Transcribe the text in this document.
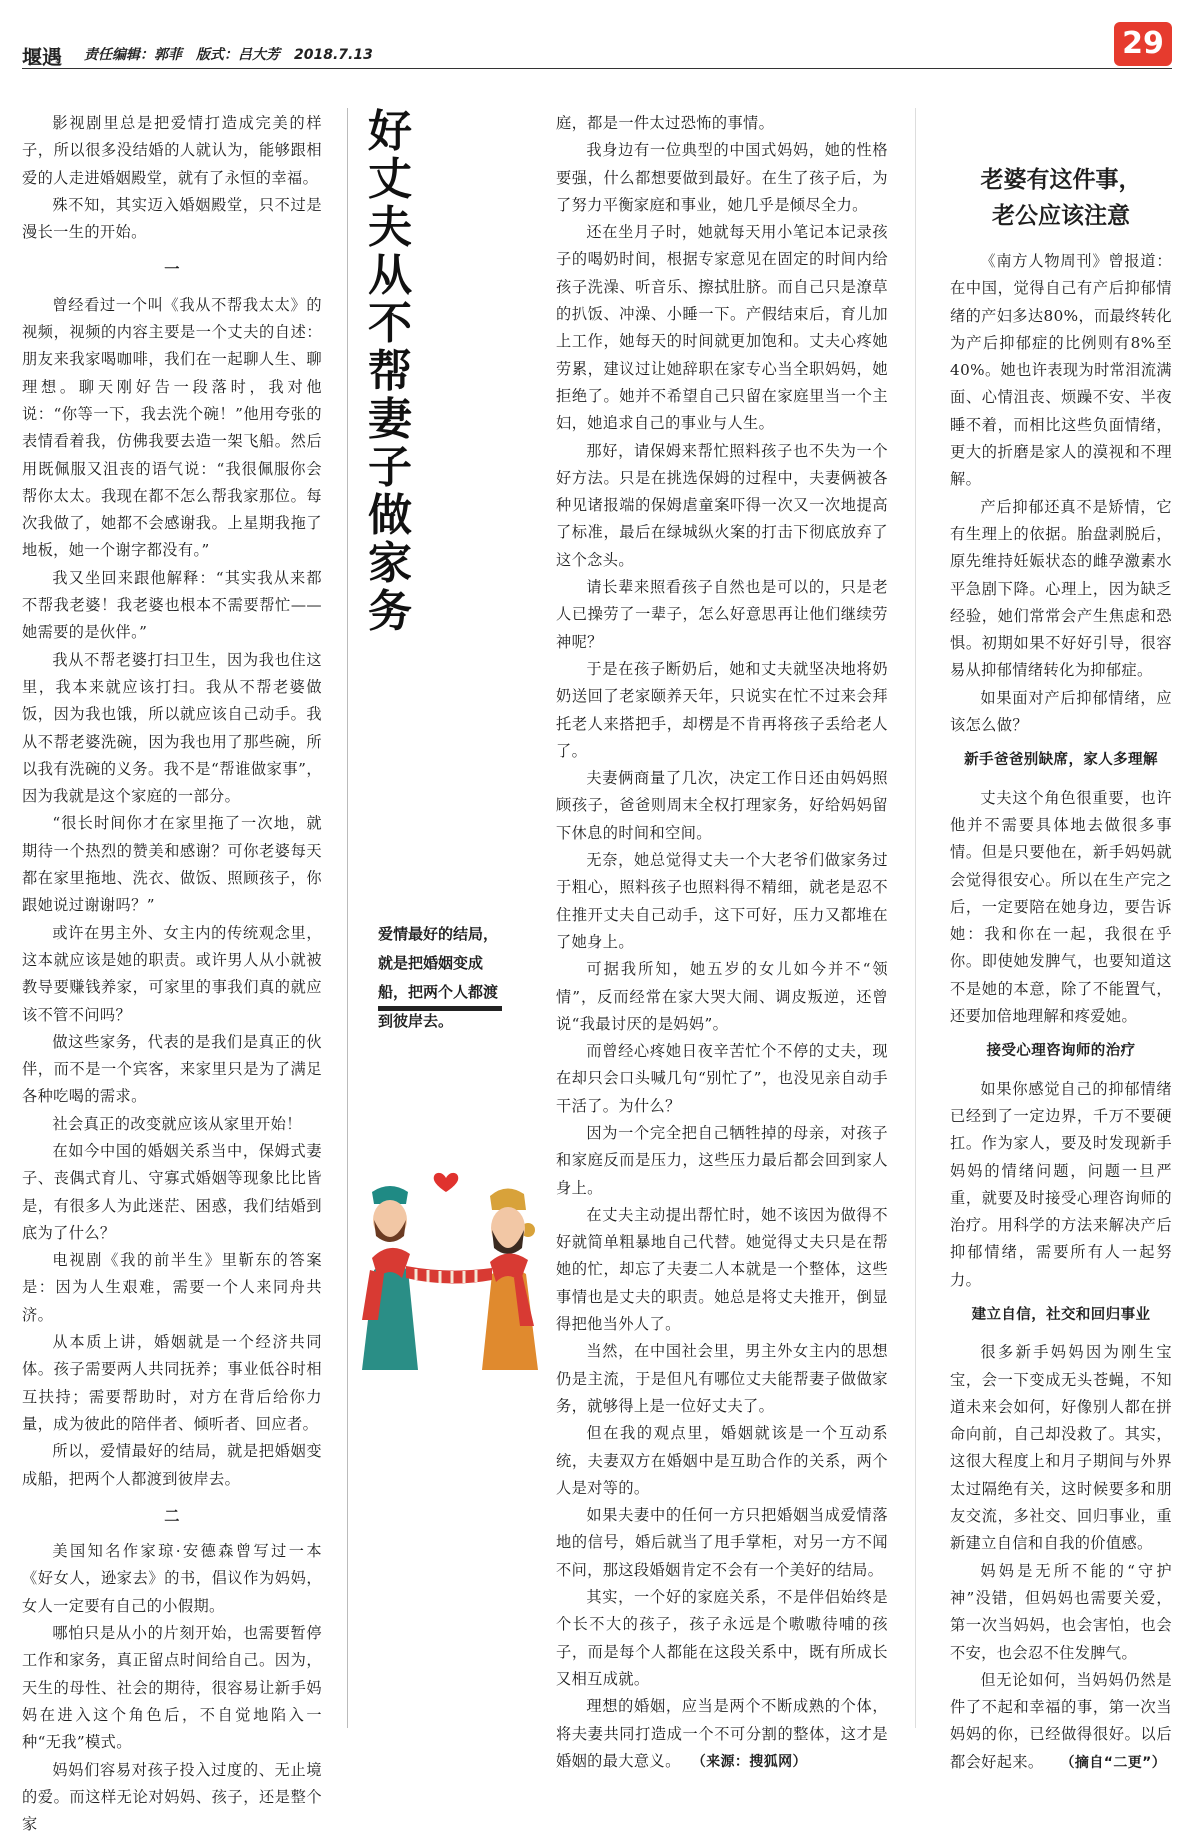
堰遇 责任编辑：郭菲　版式：吕大芳　2018.7.13	29

影视剧里总是把爱情打造成完美的样子，所以很多没结婚的人就认为，能够跟相爱的人走进婚姻殿堂，就有了永恒的幸福。

殊不知，其实迈入婚姻殿堂，只不过是漫长一生的开始。

一

曾经看过一个叫《我从不帮我太太》的视频，视频的内容主要是一个丈夫的自述：朋友来我家喝咖啡，我们在一起聊人生、聊理想。聊天刚好告一段落时，我对他说：“你等一下，我去洗个碗！”他用夸张的表情看着我，仿佛我要去造一架飞船。然后用既佩服又沮丧的语气说：“我很佩服你会帮你太太。我现在都不怎么帮我家那位。每次我做了，她都不会感谢我。上星期我拖了地板，她一个谢字都没有。”

我又坐回来跟他解释：“其实我从来都不帮我老婆！我老婆也根本不需要帮忙——她需要的是伙伴。”

我从不帮老婆打扫卫生，因为我也住这里，我本来就应该打扫。我从不帮老婆做饭，因为我也饿，所以就应该自己动手。我从不帮老婆洗碗，因为我也用了那些碗，所以我有洗碗的义务。我不是“帮谁做家事”，因为我就是这个家庭的一部分。

“很长时间你才在家里拖了一次地，就期待一个热烈的赞美和感谢？可你老婆每天都在家里拖地、洗衣、做饭、照顾孩子，你跟她说过谢谢吗？”

或许在男主外、女主内的传统观念里，这本就应该是她的职责。或许男人从小就被教导要赚钱养家，可家里的事我们真的就应该不管不问吗？

做这些家务，代表的是我们是真正的伙伴，而不是一个宾客，来家里只是为了满足各种吃喝的需求。

社会真正的改变就应该从家里开始！

在如今中国的婚姻关系当中，保姆式妻子、丧偶式育儿、守寡式婚姻等现象比比皆是，有很多人为此迷茫、困惑，我们结婚到底为了什么？

电视剧《我的前半生》里靳东的答案是：因为人生艰难，需要一个人来同舟共济。

从本质上讲，婚姻就是一个经济共同体。孩子需要两人共同抚养；事业低谷时相互扶持；需要帮助时，对方在背后给你力量，成为彼此的陪伴者、倾听者、回应者。

所以，爱情最好的结局，就是把婚姻变成船，把两个人都渡到彼岸去。

二

美国知名作家琼·安德森曾写过一本《好女人，逊家去》的书，倡议作为妈妈，女人一定要有自己的小假期。

哪怕只是从小的片刻开始，也需要暂停工作和家务，真正留点时间给自己。因为，天生的母性、社会的期待，很容易让新手妈妈在进入这个角色后，不自觉地陷入一种“无我”模式。

妈妈们容易对孩子投入过度的、无止境的爱。而这样无论对妈妈、孩子，还是整个家

好丈夫从不帮妻子做家务
爱情最好的结局，就是把婚姻变成船，把两个人都渡到彼岸去。

庭，都是一件太过恐怖的事情。

我身边有一位典型的中国式妈妈，她的性格要强，什么都想要做到最好。在生了孩子后，为了努力平衡家庭和事业，她几乎是倾尽全力。

还在坐月子时，她就每天用小笔记本记录孩子的喝奶时间，根据专家意见在固定的时间内给孩子洗澡、听音乐、擦拭肚脐。而自己只是潦草的扒饭、冲澡、小睡一下。产假结束后，育儿加上工作，她每天的时间就更加饱和。丈夫心疼她劳累，建议过让她辞职在家专心当全职妈妈，她拒绝了。她并不希望自己只留在家庭里当一个主妇，她追求自己的事业与人生。

那好，请保姆来帮忙照料孩子也不失为一个好方法。只是在挑选保姆的过程中，夫妻俩被各种见诸报端的保姆虐童案吓得一次又一次地提高了标准，最后在绿城纵火案的打击下彻底放弃了这个念头。

请长辈来照看孩子自然也是可以的，只是老人已操劳了一辈子，怎么好意思再让他们继续劳神呢？

于是在孩子断奶后，她和丈夫就坚决地将奶奶送回了老家颐养天年，只说实在忙不过来会拜托老人来搭把手，却楞是不肯再将孩子丢给老人了。

夫妻俩商量了几次，决定工作日还由妈妈照顾孩子，爸爸则周末全权打理家务，好给妈妈留下休息的时间和空间。

无奈，她总觉得丈夫一个大老爷们做家务过于粗心，照料孩子也照料得不精细，就老是忍不住推开丈夫自己动手，这下可好，压力又都堆在了她身上。

可据我所知，她五岁的女儿如今并不“领情”，反而经常在家大哭大闹、调皮叛逆，还曾说“我最讨厌的是妈妈”。

而曾经心疼她日夜辛苦忙个不停的丈夫，现在却只会口头喊几句“别忙了”，也没见亲自动手干活了。为什么？

因为一个完全把自己牺牲掉的母亲，对孩子和家庭反而是压力，这些压力最后都会回到家人身上。

在丈夫主动提出帮忙时，她不该因为做得不好就简单粗暴地自己代替。她觉得丈夫只是在帮她的忙，却忘了夫妻二人本就是一个整体，这些事情也是丈夫的职责。她总是将丈夫推开，倒显得把他当外人了。

当然，在中国社会里，男主外女主内的思想仍是主流，于是但凡有哪位丈夫能帮妻子做做家务，就够得上是一位好丈夫了。

但在我的观点里，婚姻就该是一个互动系统，夫妻双方在婚姻中是互助合作的关系，两个人是对等的。

如果夫妻中的任何一方只把婚姻当成爱情落地的信号，婚后就当了甩手掌柜，对另一方不闻不问，那这段婚姻肯定不会有一个美好的结局。

其实，一个好的家庭关系，不是伴侣始终是个长不大的孩子，孩子永远是个嗷嗷待哺的孩子，而是每个人都能在这段关系中，既有所成长又相互成就。

理想的婚姻，应当是两个不断成熟的个体，将夫妻共同打造成一个不可分割的整体，这才是婚姻的最大意义。 （来源：搜狐网）

老婆有这件事，
老公应该注意

《南方人物周刊》曾报道：在中国，觉得自己有产后抑郁情绪的产妇多达80%，而最终转化为产后抑郁症的比例则有8%至40%。她也许表现为时常泪流满面、心情沮丧、烦躁不安、半夜睡不着，而相比这些负面情绪，更大的折磨是家人的漠视和不理解。

产后抑郁还真不是矫情，它有生理上的依据。胎盘剥脱后，原先维持妊娠状态的雌孕激素水平急剧下降。心理上，因为缺乏经验，她们常常会产生焦虑和恐惧。初期如果不好好引导，很容易从抑郁情绪转化为抑郁症。

如果面对产后抑郁情绪，应该怎么做？

新手爸爸别缺席，家人多理解

丈夫这个角色很重要，也许他并不需要具体地去做很多事情。但是只要他在，新手妈妈就会觉得很安心。所以在生产完之后，一定要陪在她身边，要告诉她：我和你在一起，我很在乎你。即使她发脾气，也要知道这不是她的本意，除了不能置气，还要加倍地理解和疼爱她。

接受心理咨询师的治疗

如果你感觉自己的抑郁情绪已经到了一定边界，千万不要硬扛。作为家人，要及时发现新手妈妈的情绪问题，问题一旦严重，就要及时接受心理咨询师的治疗。用科学的方法来解决产后抑郁情绪，需要所有人一起努力。

建立自信，社交和回归事业

很多新手妈妈因为刚生宝宝，会一下变成无头苍蝇，不知道未来会如何，好像别人都在拼命向前，自己却没救了。其实，这很大程度上和月子期间与外界太过隔绝有关，这时候要多和朋友交流，多社交、回归事业，重新建立自信和自我的价值感。

妈妈是无所不能的“守护神”没错，但妈妈也需要关爱，第一次当妈妈，也会害怕，也会不安，也会忍不住发脾气。

但无论如何，当妈妈仍然是件了不起和幸福的事，第一次当妈妈的你，已经做得很好。以后都会好起来。 （摘自“二更”）
